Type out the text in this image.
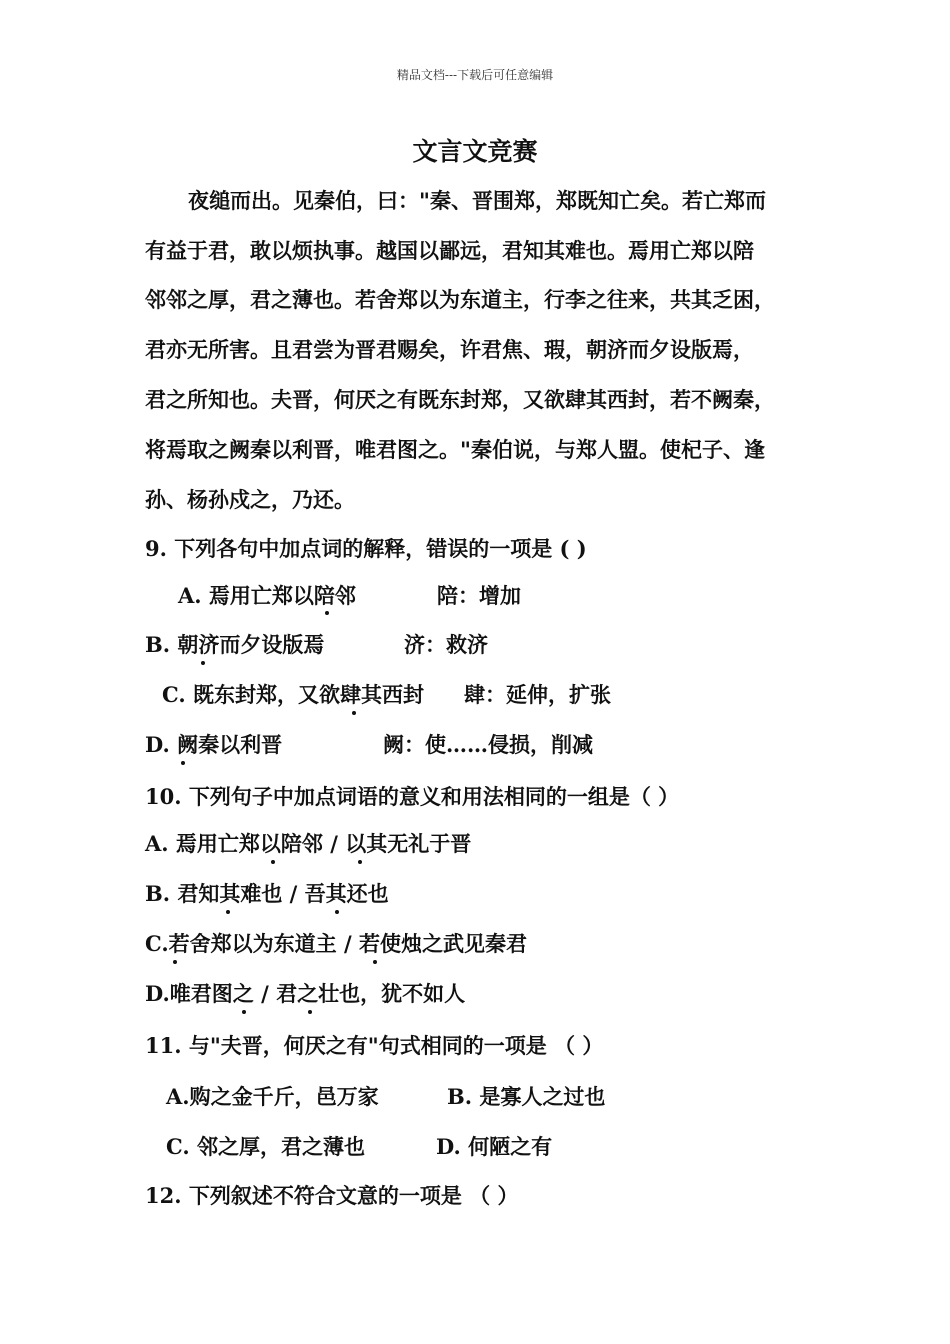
精品文档---下载后可任意编辑
文言文竞赛
夜缒而出。见秦伯，曰："秦、晋围郑，郑既知亡矣。若亡郑而
有益于君，敢以烦执事。越国以鄙远，君知其难也。焉用亡郑以陪
邻邻之厚，君之薄也。若舍郑以为东道主，行李之往来，共其乏困，
君亦无所害。且君尝为晋君赐矣，许君焦、瑕，朝济而夕设版焉，
君之所知也。夫晋，何厌之有既东封郑，又欲肆其西封，若不阙秦，
将焉取之阙秦以利晋，唯君图之。"秦伯说，与郑人盟。使杞子、逢
孙、杨孙戍之，乃还。
9. 下列各句中加点词的解释，错误的一项是 ( )
A. 焉用亡郑以陪邻	陪：增加
B. 朝济而夕设版焉	济：救济
C. 既东封郑，又欲肆其西封 肆：延伸，扩张
D. 阙秦以利晋	阙：使……侵损，削减
10. 下列句子中加点词语的意义和用法相同的一组是（ ）
A. 焉用亡郑以陪邻 / 以其无礼于晋
B. 君知其难也 / 吾其还也
C.若舍郑以为东道主 / 若使烛之武见秦君
D.唯君图之 / 君之壮也，犹不如人
11. 与"夫晋，何厌之有"句式相同的一项是 （ ）
A.购之金千斤，邑万家	B. 是寡人之过也
C. 邻之厚，君之薄也	D. 何陋之有
12. 下列叙述不符合文意的一项是 （ ）
